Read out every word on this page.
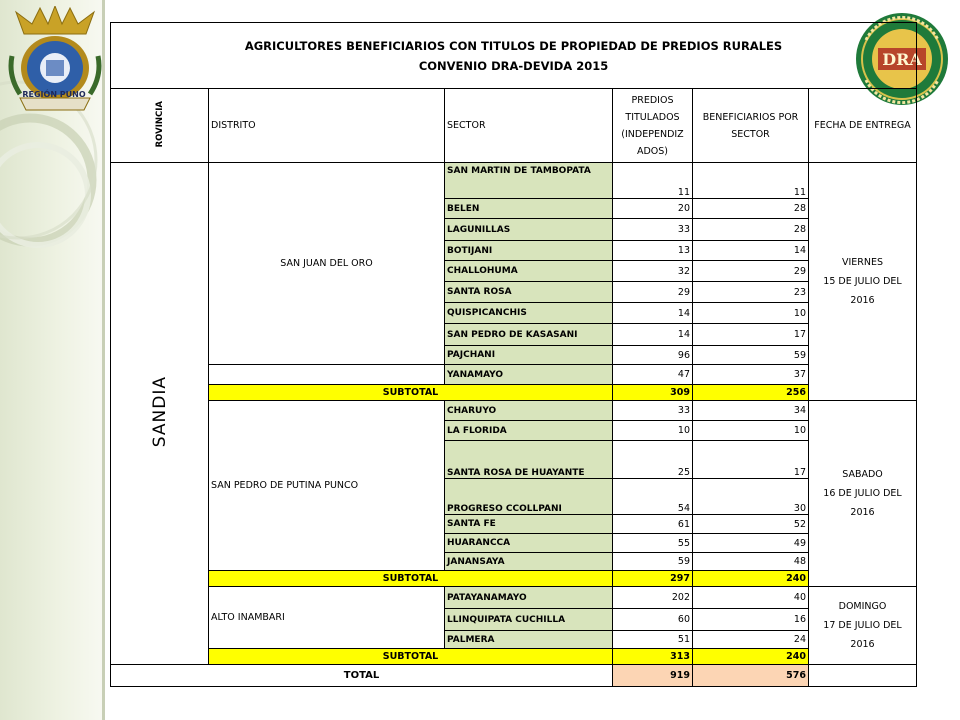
REGIÓN PUNO
DRA
AGRICULTORES BENEFICIARIOS CON TITULOS DE PROPIEDAD DE PREDIOS RURALES
CONVENIO DRA-DEVIDA 2015					

ROVINCIA	DISTRITO	SECTOR	PREDIOS TITULADOS (INDEPENDIZ ADOS)	BENEFICIARIOS POR SECTOR	FECHA DE ENTREGA
SANDIA	SAN JUAN DEL ORO	SAN MARTIN DE TAMBOPATA	11	11	VIERNES
15 DE JULIO DEL
2016

		BELEN	20	28	
		LAGUNILLAS	33	28	
		BOTIJANI	13	14	
		CHALLOHUMA	32	29	
		SANTA ROSA	29	23	
		QUISPICANCHIS	14	10	
		SAN PEDRO DE KASASANI	14	17	
		PAJCHANI	96	59	
		YANAMAYO	47	37	
	SUBTOTAL		309	256	
	SAN PEDRO DE PUTINA PUNCO	CHARUYO	33	34	SABADO
16 DE JULIO DEL
2016

		LA FLORIDA	10	10	
		SANTA ROSA DE HUAYANTE	25	17	
		PROGRESO CCOLLPANI	54	30	
		SANTA FE	61	52	
		HUARANCCA	55	49	
		JANANSAYA	59	48	
	SUBTOTAL		297	240	
	ALTO INAMBARI	PATAYANAMAYO	202	40	DOMINGO
17 DE JULIO DEL
2016

		LLINQUIPATA CUCHILLA	60	16	
		PALMERA	51	24	
	SUBTOTAL		313	240	
TOTAL			919	576	
